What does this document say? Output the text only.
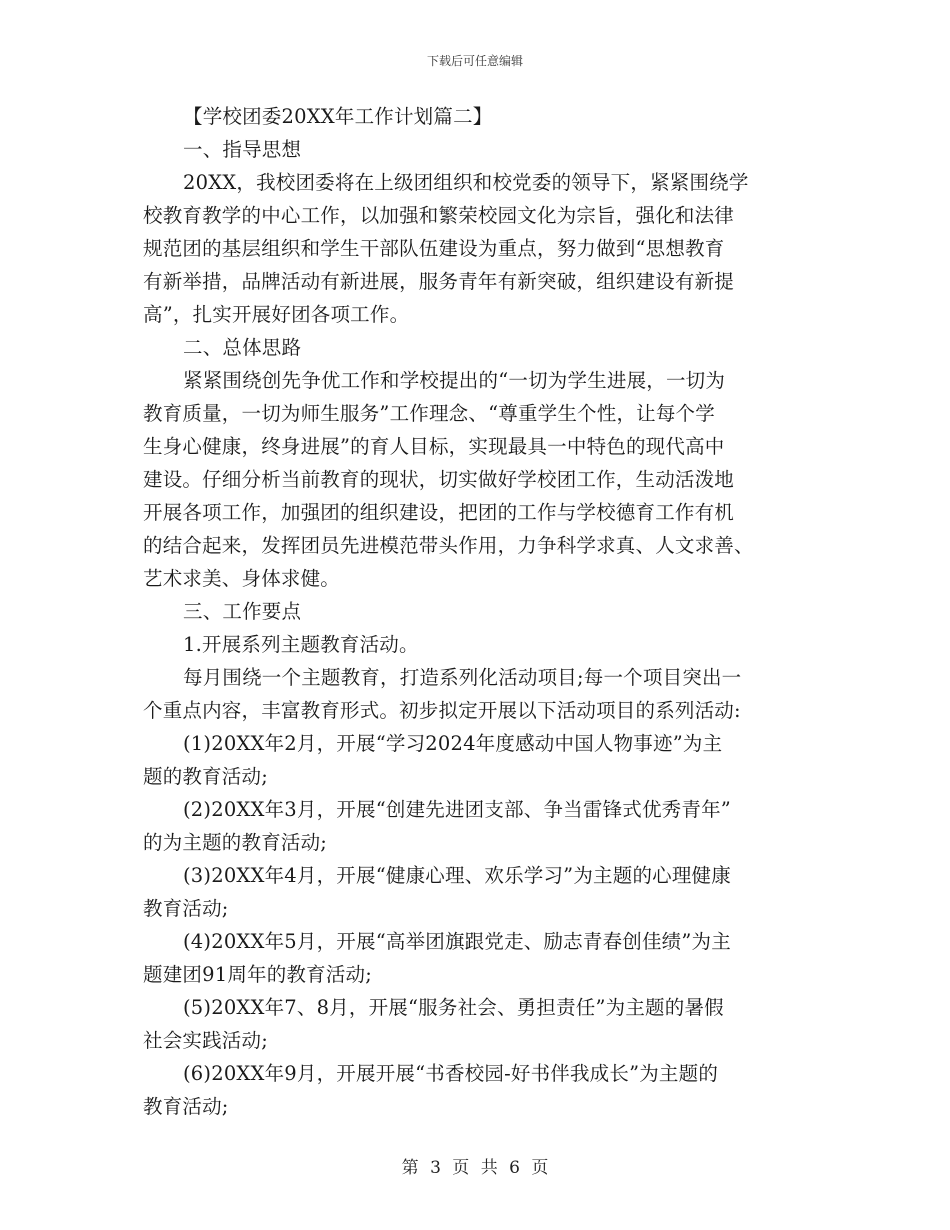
下载后可任意编辑
【学校团委20XX年工作计划篇二】
一、指导思想
20XX，我校团委将在上级团组织和校党委的领导下，紧紧围绕学
校教育教学的中心工作，以加强和繁荣校园文化为宗旨，强化和法律
规范团的基层组织和学生干部队伍建设为重点，努力做到“思想教育
有新举措，品牌活动有新进展，服务青年有新突破，组织建设有新提
高”，扎实开展好团各项工作。
二、总体思路
紧紧围绕创先争优工作和学校提出的“一切为学生进展，一切为
教育质量，一切为师生服务”工作理念、“尊重学生个性，让每个学
生身心健康，终身进展”的育人目标，实现最具一中特色的现代高中
建设。仔细分析当前教育的现状，切实做好学校团工作，生动活泼地
开展各项工作，加强团的组织建设，把团的工作与学校德育工作有机
的结合起来，发挥团员先进模范带头作用，力争科学求真、人文求善、
艺术求美、身体求健。
三、工作要点
1.开展系列主题教育活动。
每月围绕一个主题教育，打造系列化活动项目;每一个项目突出一
个重点内容，丰富教育形式。初步拟定开展以下活动项目的系列活动:
(1)20XX年2月，开展“学习2024年度感动中国人物事迹”为主
题的教育活动;
(2)20XX年3月，开展“创建先进团支部、争当雷锋式优秀青年”
的为主题的教育活动;
(3)20XX年4月，开展“健康心理、欢乐学习”为主题的心理健康
教育活动;
(4)20XX年5月，开展“高举团旗跟党走、励志青春创佳绩”为主
题建团91周年的教育活动;
(5)20XX年7、8月，开展“服务社会、勇担责任”为主题的暑假
社会实践活动;
(6)20XX年9月，开展开展“书香校园-好书伴我成长”为主题的
教育活动;
第 3 页 共 6 页
